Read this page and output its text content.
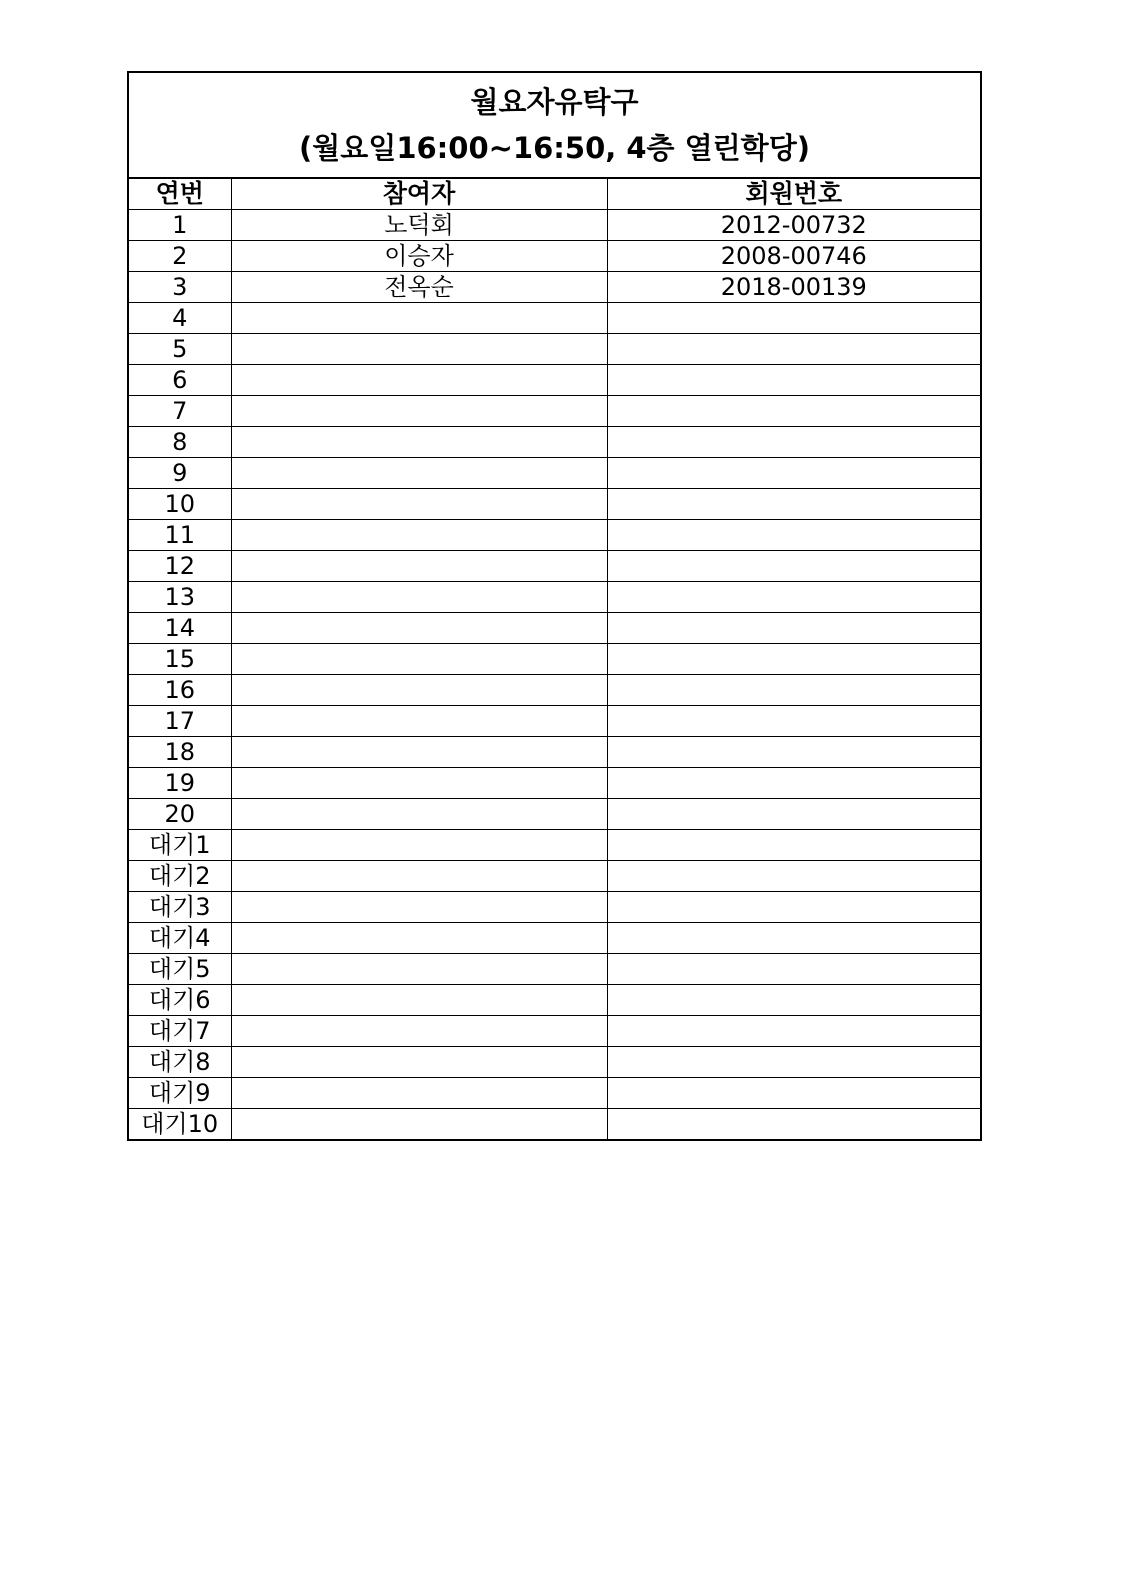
월요자유탁구
(월요일16:00~16:50, 4층 열린학당)
연번	참여자	회원번호
1	노덕회	2012-00732
2	이승자	2008-00746
3	전옥순	2018-00139
4		
5		
6		
7		
8		
9		
10		
11		
12		
13		
14		
15		
16		
17		
18		
19		
20		
대기1		
대기2		
대기3		
대기4		
대기5		
대기6		
대기7		
대기8		
대기9		
대기10		
